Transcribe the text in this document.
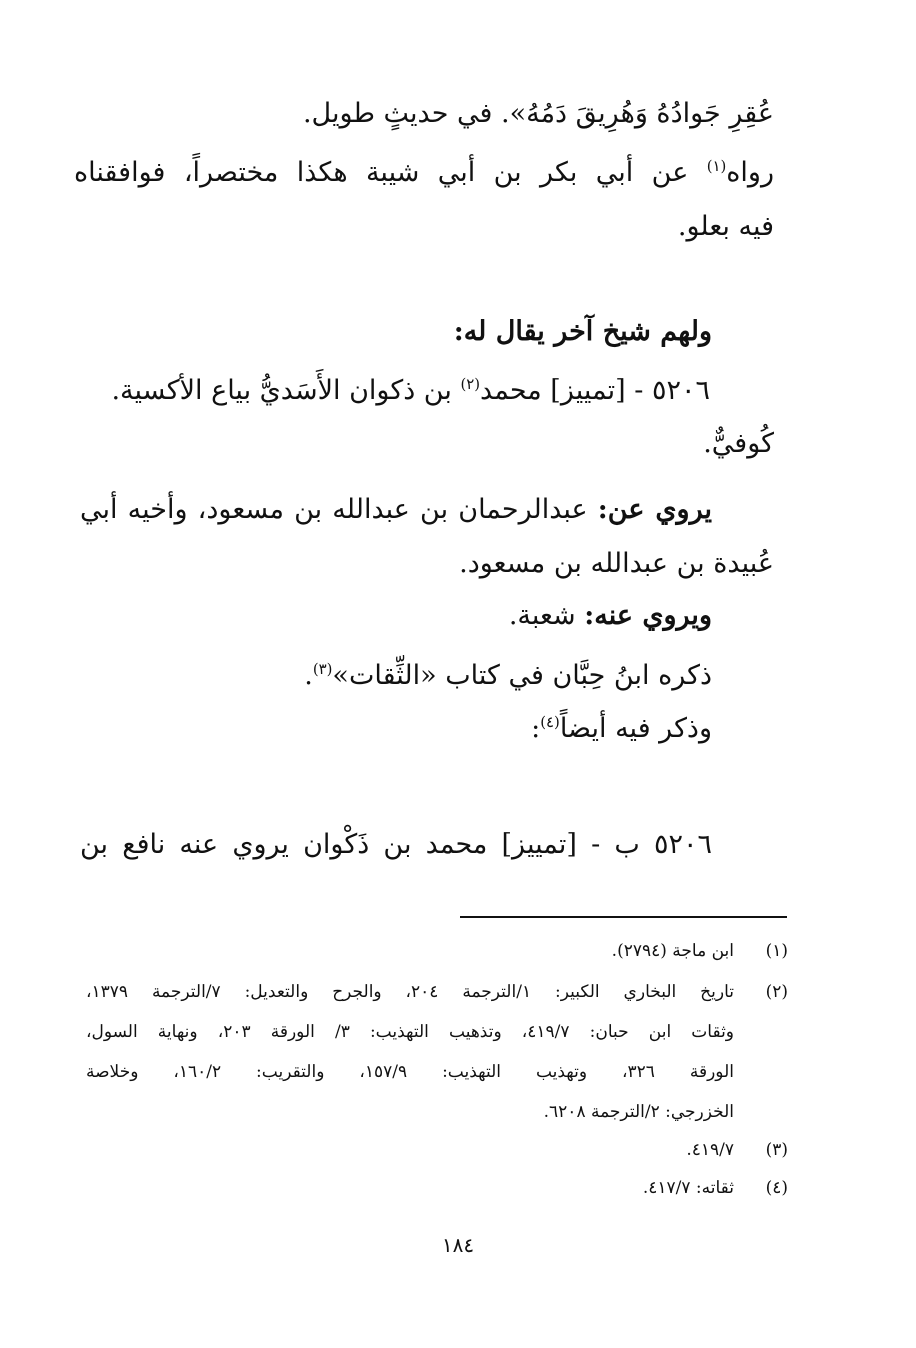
عُقِرِ جَوادُهُ وَهُرِيقَ دَمُهُ». في حديثٍ طويل.

رواه$^{(١)}$ عن أبي بكر بن أبي شيبة هكذا مختصراً، فوافقناه

فيه بعلو.

ولهم شيخ آخر يقال له:

٥٢٠٦ - [تمييز] محمد$^{(٢)}$ بن ذكوان الأَسَديُّ بياع الأكسية.

كُوفيٌّ.

يروي عن: عبدالرحمان بن عبدالله بن مسعود، وأخيه أبي

عُبيدة بن عبدالله بن مسعود.

ويروي عنه: شعبة.

ذكره ابنُ حِبَّان في كتاب «الثِّقات»$^{(٣)}$.

وذكر فيه أيضاً$^{(٤)}$:

٥٢٠٦ ب - [تمييز] محمد بن ذَكْوان يروي عنه نافع بن

(١)

ابن ماجة (٢٧٩٤).

(٢)

تاريخ البخاري الكبير: ١/الترجمة ٢٠٤، والجرح والتعديل: ٧/الترجمة ١٣٧٩،

وثقات ابن حبان: ٤١٩/٧، وتذهيب التهذيب: ٣/ الورقة ٢٠٣، ونهاية السول،

الورقة ٣٢٦، وتهذيب التهذيب: ١٥٧/٩، والتقريب: ١٦٠/٢، وخلاصة

الخزرجي: ٢/الترجمة ٦٢٠٨.

(٣)

٤١٩/٧.

(٤)

ثقاته: ٤١٧/٧.

١٨٤
